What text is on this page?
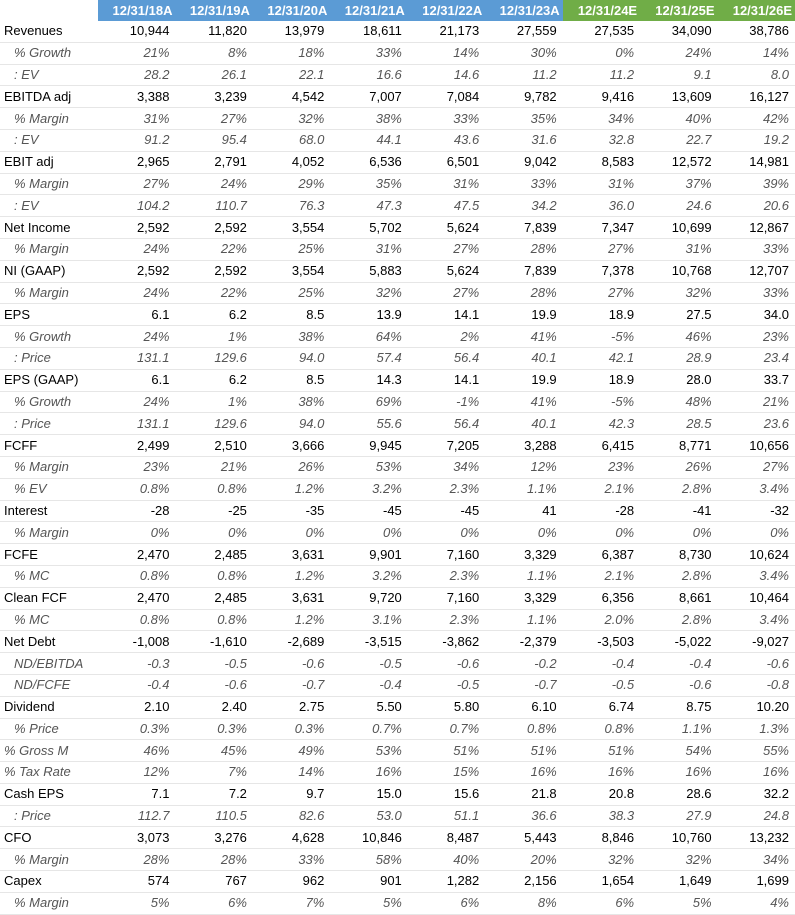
	12/31/18A	12/31/19A	12/31/20A	12/31/21A	12/31/22A	12/31/23A	12/31/24E	12/31/25E	12/31/26E
Revenues	10,944	11,820	13,979	18,611	21,173	27,559	27,535	34,090	38,786
% Growth	21%	8%	18%	33%	14%	30%	0%	24%	14%
: EV	28.2	26.1	22.1	16.6	14.6	11.2	11.2	9.1	8.0
EBITDA adj	3,388	3,239	4,542	7,007	7,084	9,782	9,416	13,609	16,127
% Margin	31%	27%	32%	38%	33%	35%	34%	40%	42%
: EV	91.2	95.4	68.0	44.1	43.6	31.6	32.8	22.7	19.2
EBIT adj	2,965	2,791	4,052	6,536	6,501	9,042	8,583	12,572	14,981
% Margin	27%	24%	29%	35%	31%	33%	31%	37%	39%
: EV	104.2	110.7	76.3	47.3	47.5	34.2	36.0	24.6	20.6
Net Income	2,592	2,592	3,554	5,702	5,624	7,839	7,347	10,699	12,867
% Margin	24%	22%	25%	31%	27%	28%	27%	31%	33%
NI (GAAP)	2,592	2,592	3,554	5,883	5,624	7,839	7,378	10,768	12,707
% Margin	24%	22%	25%	32%	27%	28%	27%	32%	33%
EPS	6.1	6.2	8.5	13.9	14.1	19.9	18.9	27.5	34.0
% Growth	24%	1%	38%	64%	2%	41%	-5%	46%	23%
: Price	131.1	129.6	94.0	57.4	56.4	40.1	42.1	28.9	23.4
EPS (GAAP)	6.1	6.2	8.5	14.3	14.1	19.9	18.9	28.0	33.7
% Growth	24%	1%	38%	69%	-1%	41%	-5%	48%	21%
: Price	131.1	129.6	94.0	55.6	56.4	40.1	42.3	28.5	23.6
FCFF	2,499	2,510	3,666	9,945	7,205	3,288	6,415	8,771	10,656
% Margin	23%	21%	26%	53%	34%	12%	23%	26%	27%
% EV	0.8%	0.8%	1.2%	3.2%	2.3%	1.1%	2.1%	2.8%	3.4%
Interest	-28	-25	-35	-45	-45	41	-28	-41	-32
% Margin	0%	0%	0%	0%	0%	0%	0%	0%	0%
FCFE	2,470	2,485	3,631	9,901	7,160	3,329	6,387	8,730	10,624
% MC	0.8%	0.8%	1.2%	3.2%	2.3%	1.1%	2.1%	2.8%	3.4%
Clean FCF	2,470	2,485	3,631	9,720	7,160	3,329	6,356	8,661	10,464
% MC	0.8%	0.8%	1.2%	3.1%	2.3%	1.1%	2.0%	2.8%	3.4%
Net Debt	-1,008	-1,610	-2,689	-3,515	-3,862	-2,379	-3,503	-5,022	-9,027
ND/EBITDA	-0.3	-0.5	-0.6	-0.5	-0.6	-0.2	-0.4	-0.4	-0.6
ND/FCFE	-0.4	-0.6	-0.7	-0.4	-0.5	-0.7	-0.5	-0.6	-0.8
Dividend	2.10	2.40	2.75	5.50	5.80	6.10	6.74	8.75	10.20
% Price	0.3%	0.3%	0.3%	0.7%	0.7%	0.8%	0.8%	1.1%	1.3%
% Gross M	46%	45%	49%	53%	51%	51%	51%	54%	55%
% Tax Rate	12%	7%	14%	16%	15%	16%	16%	16%	16%
Cash EPS	7.1	7.2	9.7	15.0	15.6	21.8	20.8	28.6	32.2
: Price	112.7	110.5	82.6	53.0	51.1	36.6	38.3	27.9	24.8
CFO	3,073	3,276	4,628	10,846	8,487	5,443	8,846	10,760	13,232
% Margin	28%	28%	33%	58%	40%	20%	32%	32%	34%
Capex	574	767	962	901	1,282	2,156	1,654	1,649	1,699
% Margin	5%	6%	7%	5%	6%	8%	6%	5%	4%
